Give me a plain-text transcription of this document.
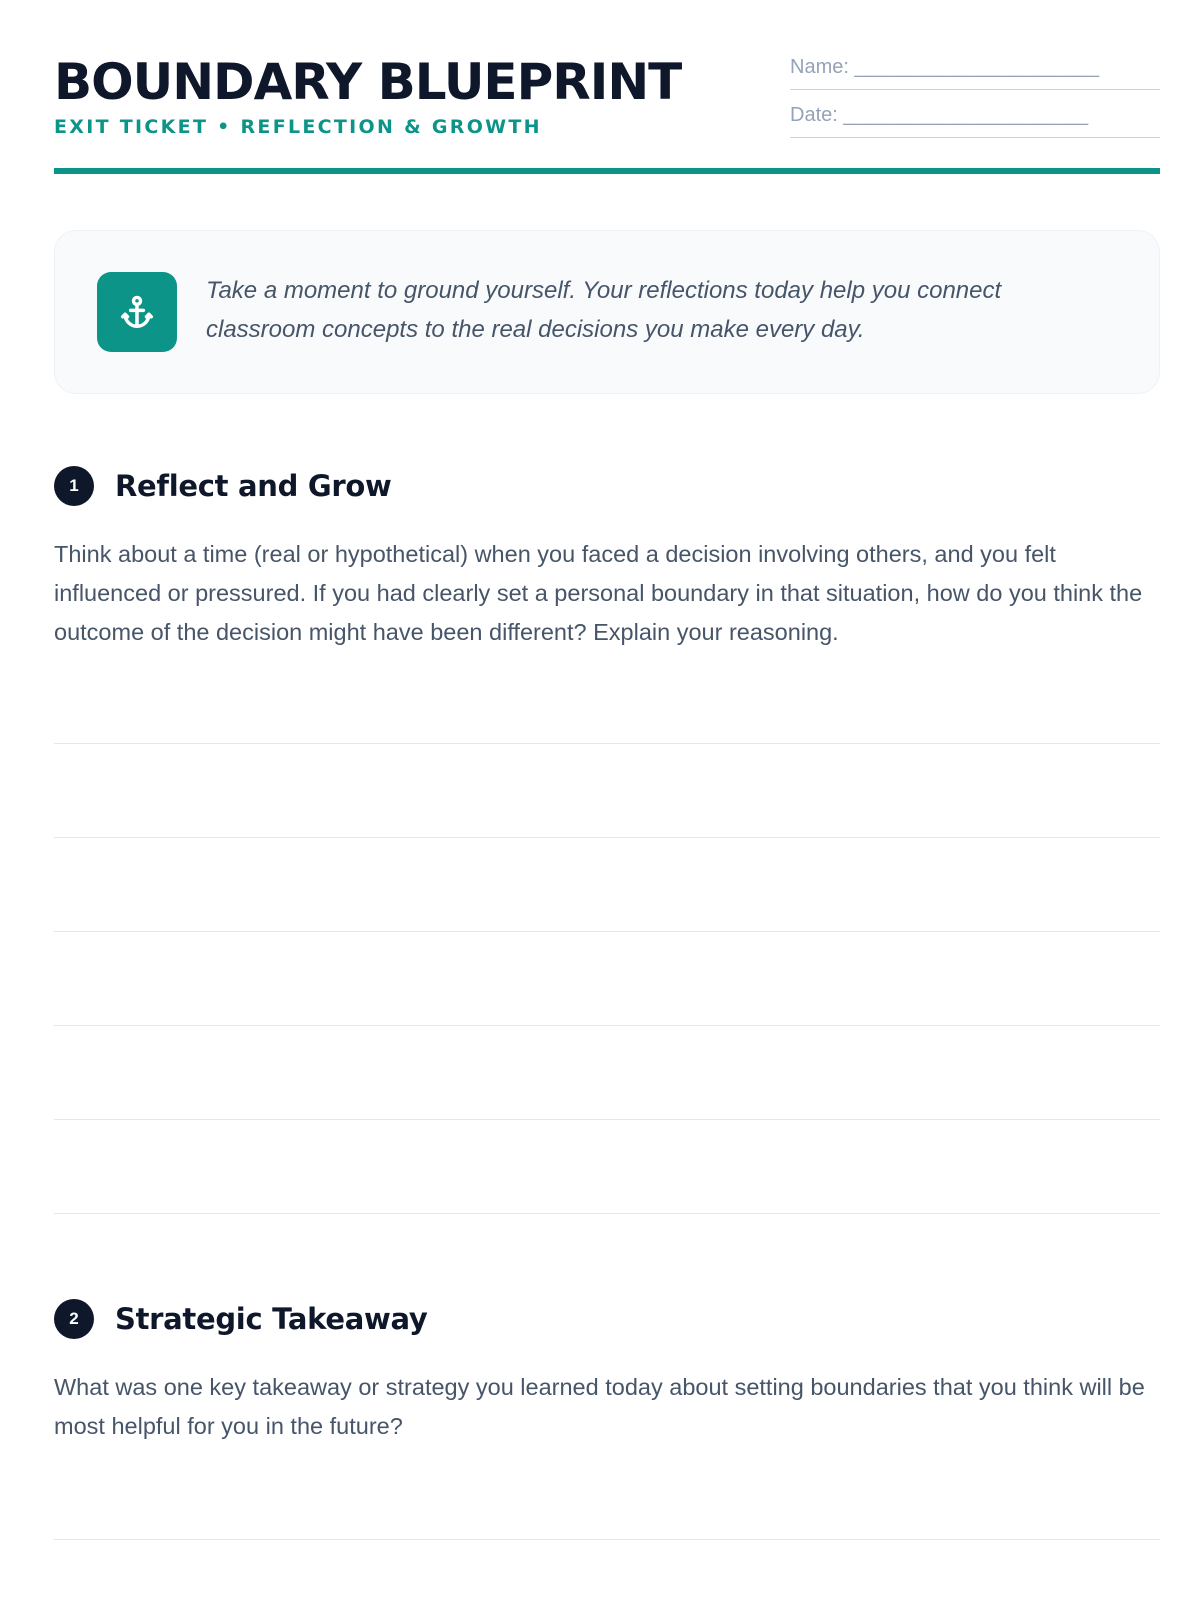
BOUNDARY BLUEPRINT
EXIT TICKET • REFLECTION & GROWTH
Name: ______________________
Date: ______________________
Take a moment to ground yourself. Your reflections today help you connect classroom concepts to the real decisions you make every day.
1	Reflect and Grow
Think about a time (real or hypothetical) when you faced a decision involving others, and you felt influenced or pressured. If you had clearly set a personal boundary in that situation, how do you think the outcome of the decision might have been different? Explain your reasoning.
2	Strategic Takeaway
What was one key takeaway or strategy you learned today about setting boundaries that you think will be most helpful for you in the future?
